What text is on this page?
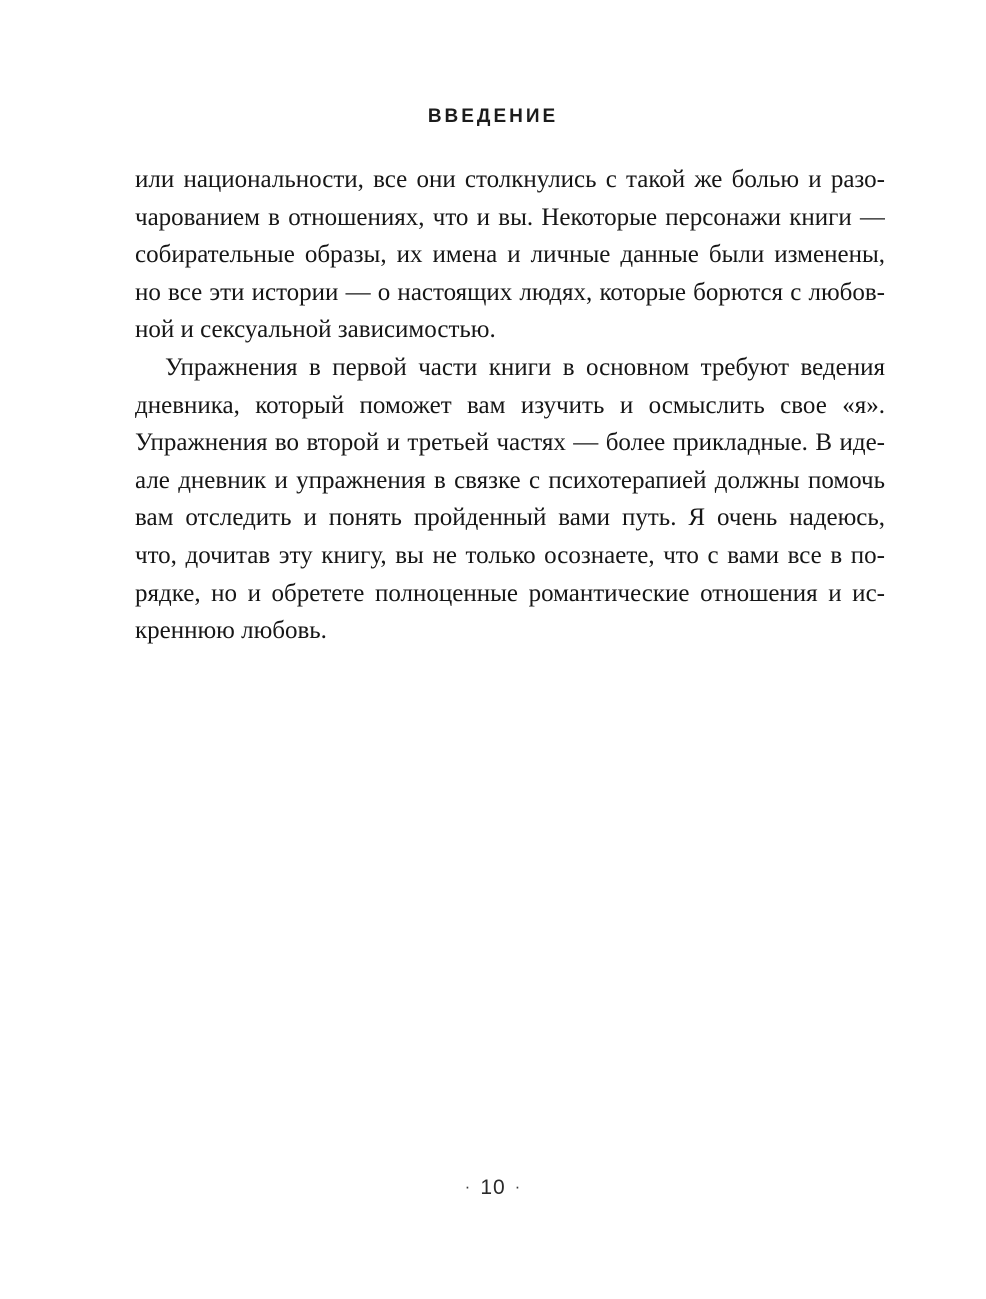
ВВЕДЕНИЕ
или национальности, все они столкнулись с такой же болью и разо-
чарованием в отношениях, что и вы. Некоторые персонажи книги —
собирательные образы, их имена и личные данные были изменены,
но все эти истории — о настоящих людях, которые борются с любов-
ной и сексуальной зависимостью.
Упражнения в первой части книги в основном требуют ведения
дневника, который поможет вам изучить и осмыслить свое «я».
Упражнения во второй и третьей частях — более прикладные. В иде-
але дневник и упражнения в связке с психотерапией должны помочь
вам отследить и понять пройденный вами путь. Я очень надеюсь,
что, дочитав эту книгу, вы не только осознаете, что с вами все в по-
рядке, но и обретете полноценные романтические отношения и ис-
креннюю любовь.
· 10 ·
